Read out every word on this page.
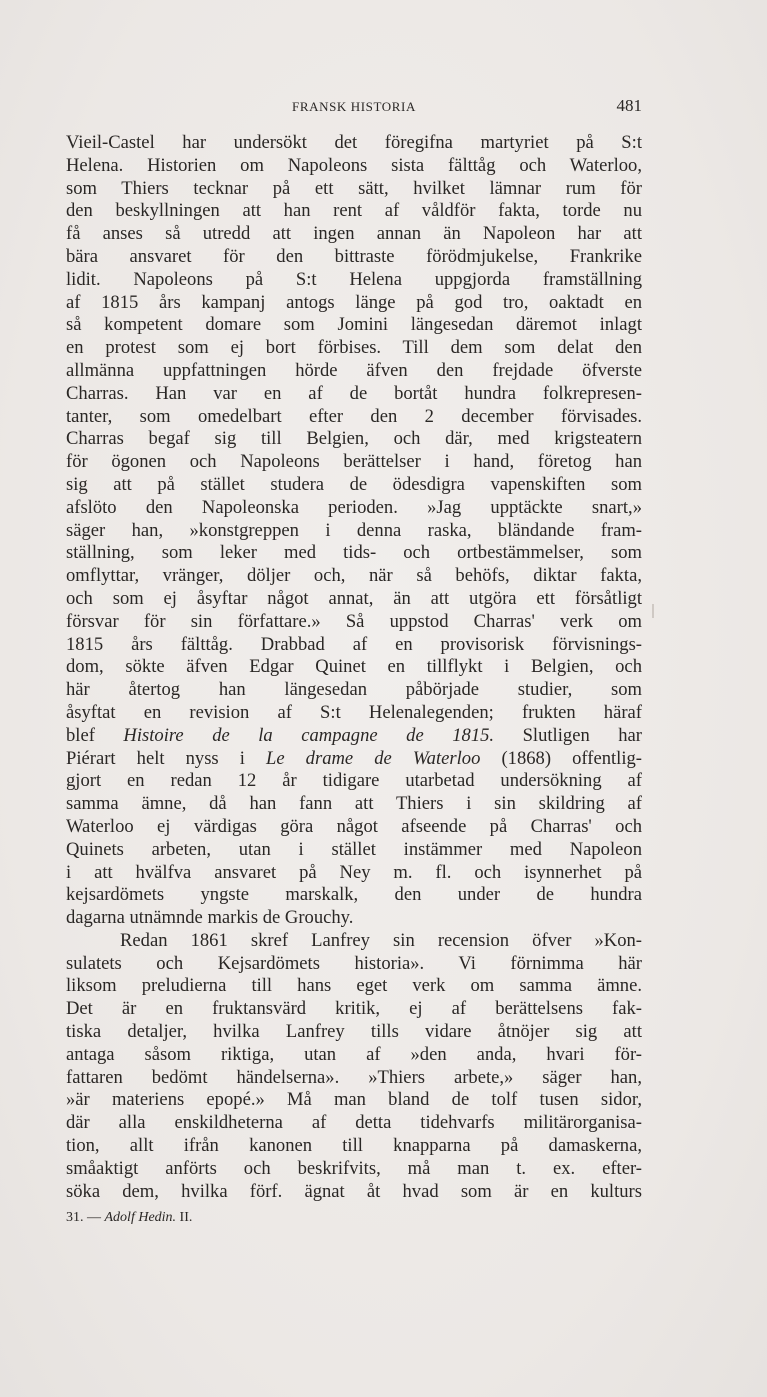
FRANSK HISTORIA	481
Vieil-Castel har undersökt det föregifna martyriet på S:t
Helena. Historien om Napoleons sista fälttåg och Waterloo,
som Thiers tecknar på ett sätt, hvilket lämnar rum för
den beskyllningen att han rent af våldför fakta, torde nu
få anses så utredd att ingen annan än Napoleon har att
bära ansvaret för den bittraste förödmjukelse, Frankrike
lidit. Napoleons på S:t Helena uppgjorda framställning
af 1815 års kampanj antogs länge på god tro, oaktadt en
så kompetent domare som Jomini längesedan däremot inlagt
en protest som ej bort förbises. Till dem som delat den
allmänna uppfattningen hörde äfven den frejdade öfverste
Charras. Han var en af de bortåt hundra folkrepresen-
tanter, som omedelbart efter den 2 december förvisades.
Charras begaf sig till Belgien, och där, med krigsteatern
för ögonen och Napoleons berättelser i hand, företog han
sig att på stället studera de ödesdigra vapenskiften som
afslöto den Napoleonska perioden. »Jag upptäckte snart,»
säger han, »konstgreppen i denna raska, bländande fram-
ställning, som leker med tids- och ortbestämmelser, som
omflyttar, vränger, döljer och, när så behöfs, diktar fakta,
och som ej åsyftar något annat, än att utgöra ett försåtligt
försvar för sin författare.» Så uppstod Charras' verk om
1815 års fälttåg. Drabbad af en provisorisk förvisnings-
dom, sökte äfven Edgar Quinet en tillflykt i Belgien, och
här återtog han längesedan påbörjade studier, som
åsyftat en revision af S:t Helenalegenden; frukten häraf
blef Histoire de la campagne de 1815. Slutligen har
Piérart helt nyss i Le drame de Waterloo (1868) offentlig-
gjort en redan 12 år tidigare utarbetad undersökning af
samma ämne, då han fann att Thiers i sin skildring af
Waterloo ej värdigas göra något afseende på Charras' och
Quinets arbeten, utan i stället instämmer med Napoleon
i att hvälfva ansvaret på Ney m. fl. och isynnerhet på
kejsardömets yngste marskalk, den under de hundra
dagarna utnämnde markis de Grouchy.
Redan 1861 skref Lanfrey sin recension öfver »Kon-
sulatets och Kejsardömets historia». Vi förnimma här
liksom preludierna till hans eget verk om samma ämne.
Det är en fruktansvärd kritik, ej af berättelsens fak-
tiska detaljer, hvilka Lanfrey tills vidare åtnöjer sig att
antaga såsom riktiga, utan af »den anda, hvari för-
fattaren bedömt händelserna». »Thiers arbete,» säger han,
»är materiens epopé.» Må man bland de tolf tusen sidor,
där alla enskildheterna af detta tidehvarfs militärorganisa-
tion, allt ifrån kanonen till knapparna på damaskerna,
småaktigt anförts och beskrifvits, må man t. ex. efter-
söka dem, hvilka förf. ägnat åt hvad som är en kulturs
31. — Adolf Hedin. II.
